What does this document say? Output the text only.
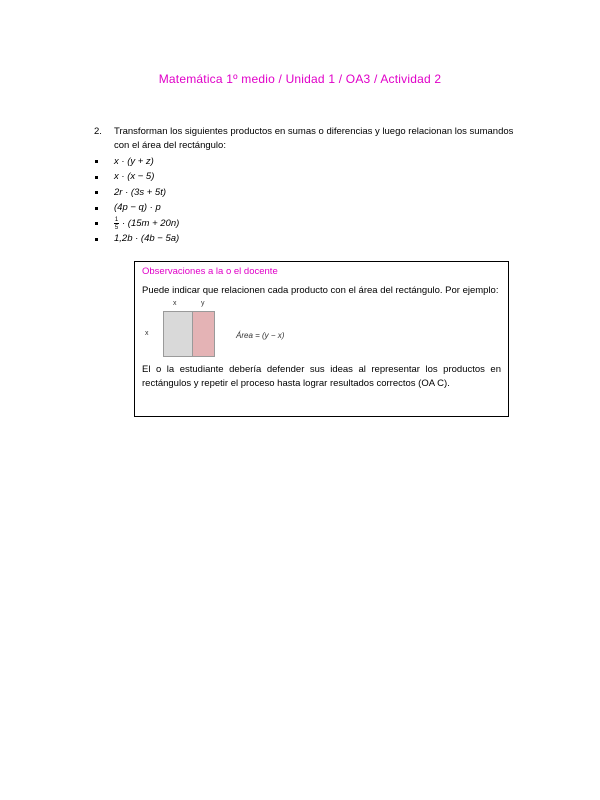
Matemática 1º medio / Unidad 1 / OA3 / Actividad 2
2.	Transforman los siguientes productos en sumas o diferencias y luego relacionan los sumandos con el área del rectángulo:
x · (y + z)
x · (x − 5)
2r · (3s + 5t)
(4p − q) · p
$\frac{1}{5} \cdot (15m + 20n)$
1,2b · (4b − 5a)
Observaciones a la o el docente
Puede indicar que relacionen cada producto con el área del rectángulo. Por ejemplo:
x	y
x	Área = (y − x)
El o la estudiante debería defender sus ideas al representar los productos en rectángulos y repetir el proceso hasta lograr resultados correctos (OA C).
